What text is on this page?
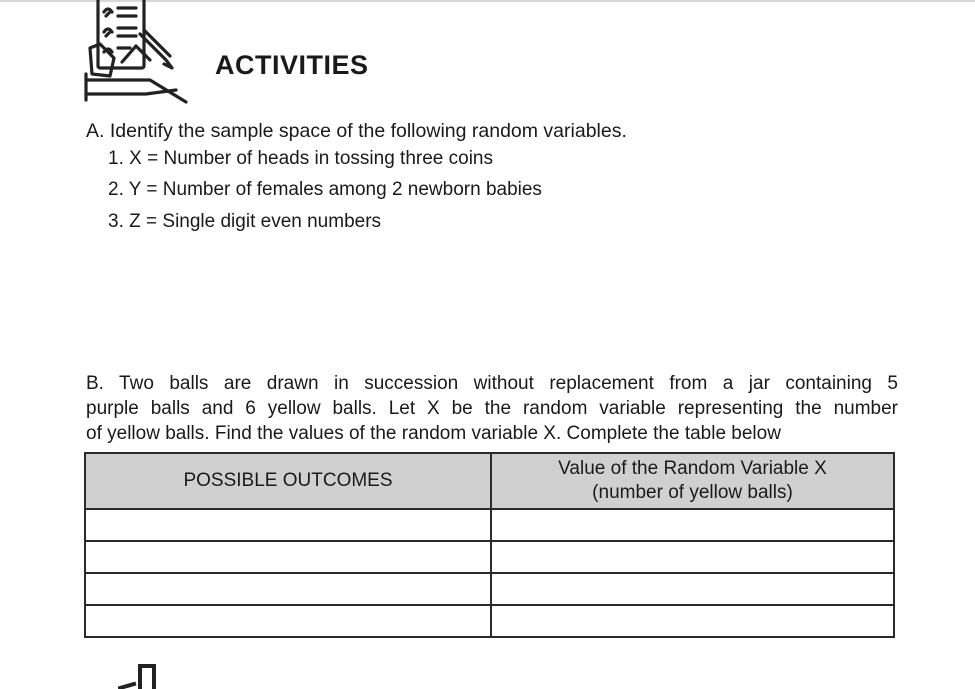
ACTIVITIES
A. Identify the sample space of the following random variables.
1. X = Number of heads in tossing three coins
2. Y = Number of females among 2 newborn babies
3. Z = Single digit even numbers
B. Two balls are drawn in succession without replacement from a jar containing 5
purple balls and 6 yellow balls. Let X be the random variable representing the number
of yellow balls. Find the values of the random variable X. Complete the table below
POSSIBLE OUTCOMES	Value of the Random Variable X
(number of yellow balls)
